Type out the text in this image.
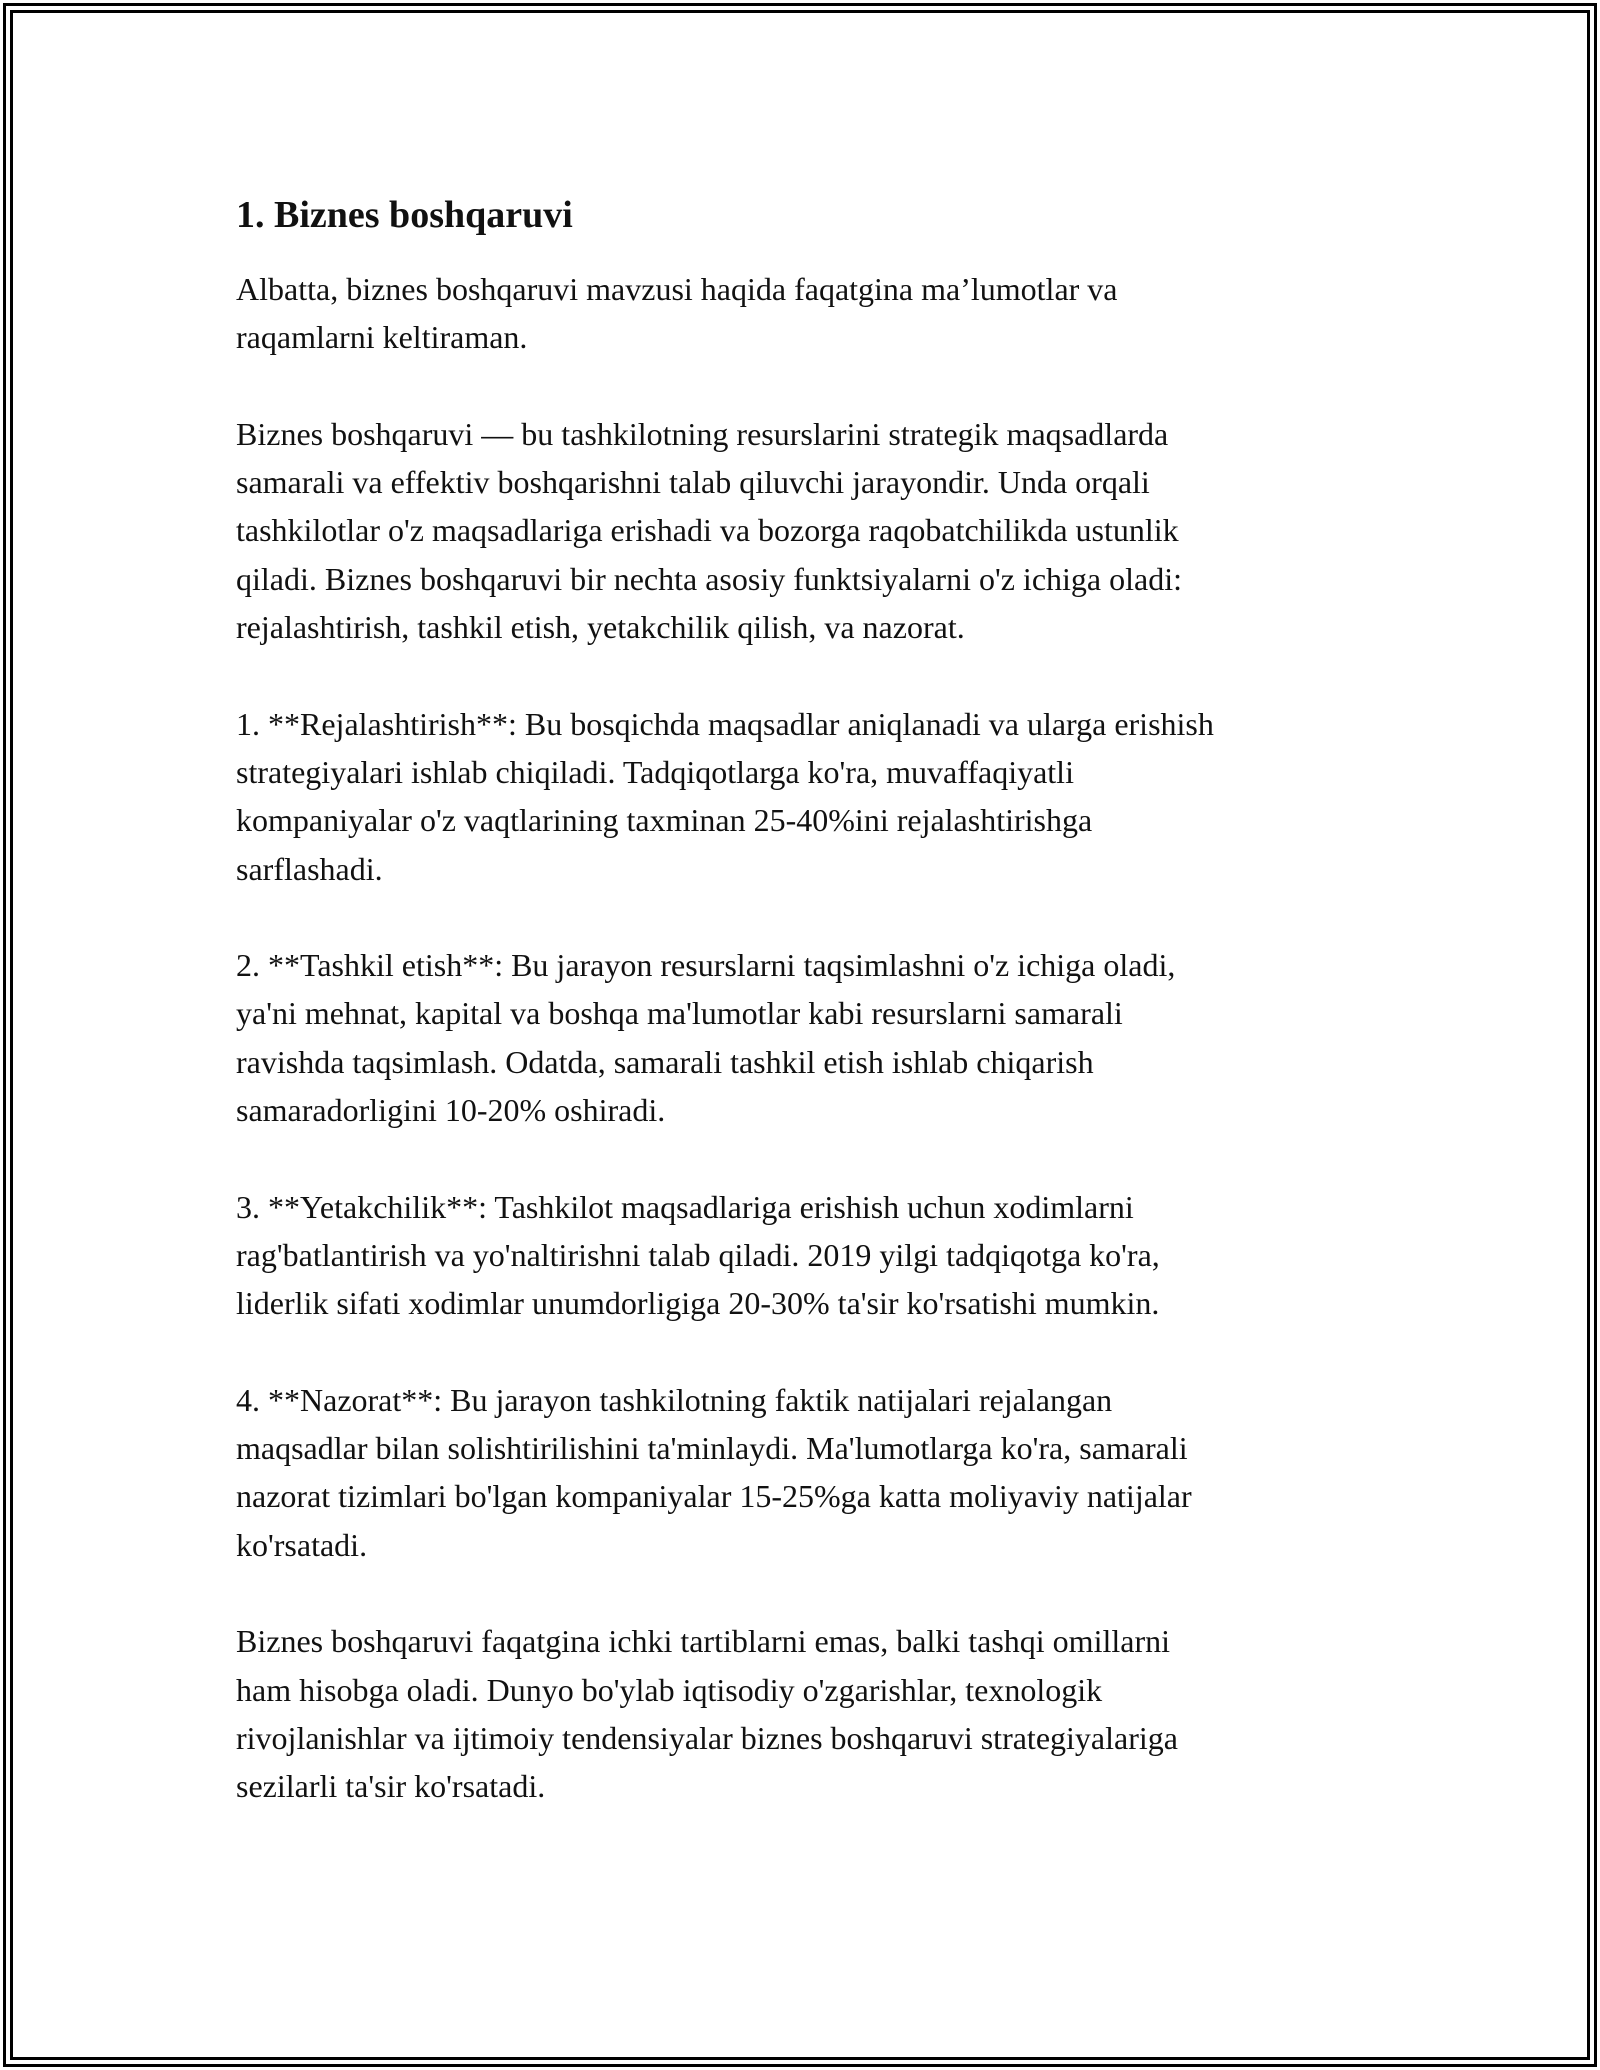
1. Biznes boshqaruvi

Albatta, biznes boshqaruvi mavzusi haqida faqatgina ma’lumotlar va
raqamlarni keltiraman.

Biznes boshqaruvi — bu tashkilotning resurslarini strategik maqsadlarda
samarali va effektiv boshqarishni talab qiluvchi jarayondir. Unda orqali
tashkilotlar o'z maqsadlariga erishadi va bozorga raqobatchilikda ustunlik
qiladi. Biznes boshqaruvi bir nechta asosiy funktsiyalarni o'z ichiga oladi:
rejalashtirish, tashkil etish, yetakchilik qilish, va nazorat.

1. **Rejalashtirish**: Bu bosqichda maqsadlar aniqlanadi va ularga erishish
strategiyalari ishlab chiqiladi. Tadqiqotlarga ko'ra, muvaffaqiyatli
kompaniyalar o'z vaqtlarining taxminan 25-40%ini rejalashtirishga
sarflashadi.

2. **Tashkil etish**: Bu jarayon resurslarni taqsimlashni o'z ichiga oladi,
ya'ni mehnat, kapital va boshqa ma'lumotlar kabi resurslarni samarali
ravishda taqsimlash. Odatda, samarali tashkil etish ishlab chiqarish
samaradorligini 10-20% oshiradi.

3. **Yetakchilik**: Tashkilot maqsadlariga erishish uchun xodimlarni
rag'batlantirish va yo'naltirishni talab qiladi. 2019 yilgi tadqiqotga ko'ra,
liderlik sifati xodimlar unumdorligiga 20-30% ta'sir ko'rsatishi mumkin.

4. **Nazorat**: Bu jarayon tashkilotning faktik natijalari rejalangan
maqsadlar bilan solishtirilishini ta'minlaydi. Ma'lumotlarga ko'ra, samarali
nazorat tizimlari bo'lgan kompaniyalar 15-25%ga katta moliyaviy natijalar
ko'rsatadi.

Biznes boshqaruvi faqatgina ichki tartiblarni emas, balki tashqi omillarni
ham hisobga oladi. Dunyo bo'ylab iqtisodiy o'zgarishlar, texnologik
rivojlanishlar va ijtimoiy tendensiyalar biznes boshqaruvi strategiyalariga
sezilarli ta'sir ko'rsatadi.
